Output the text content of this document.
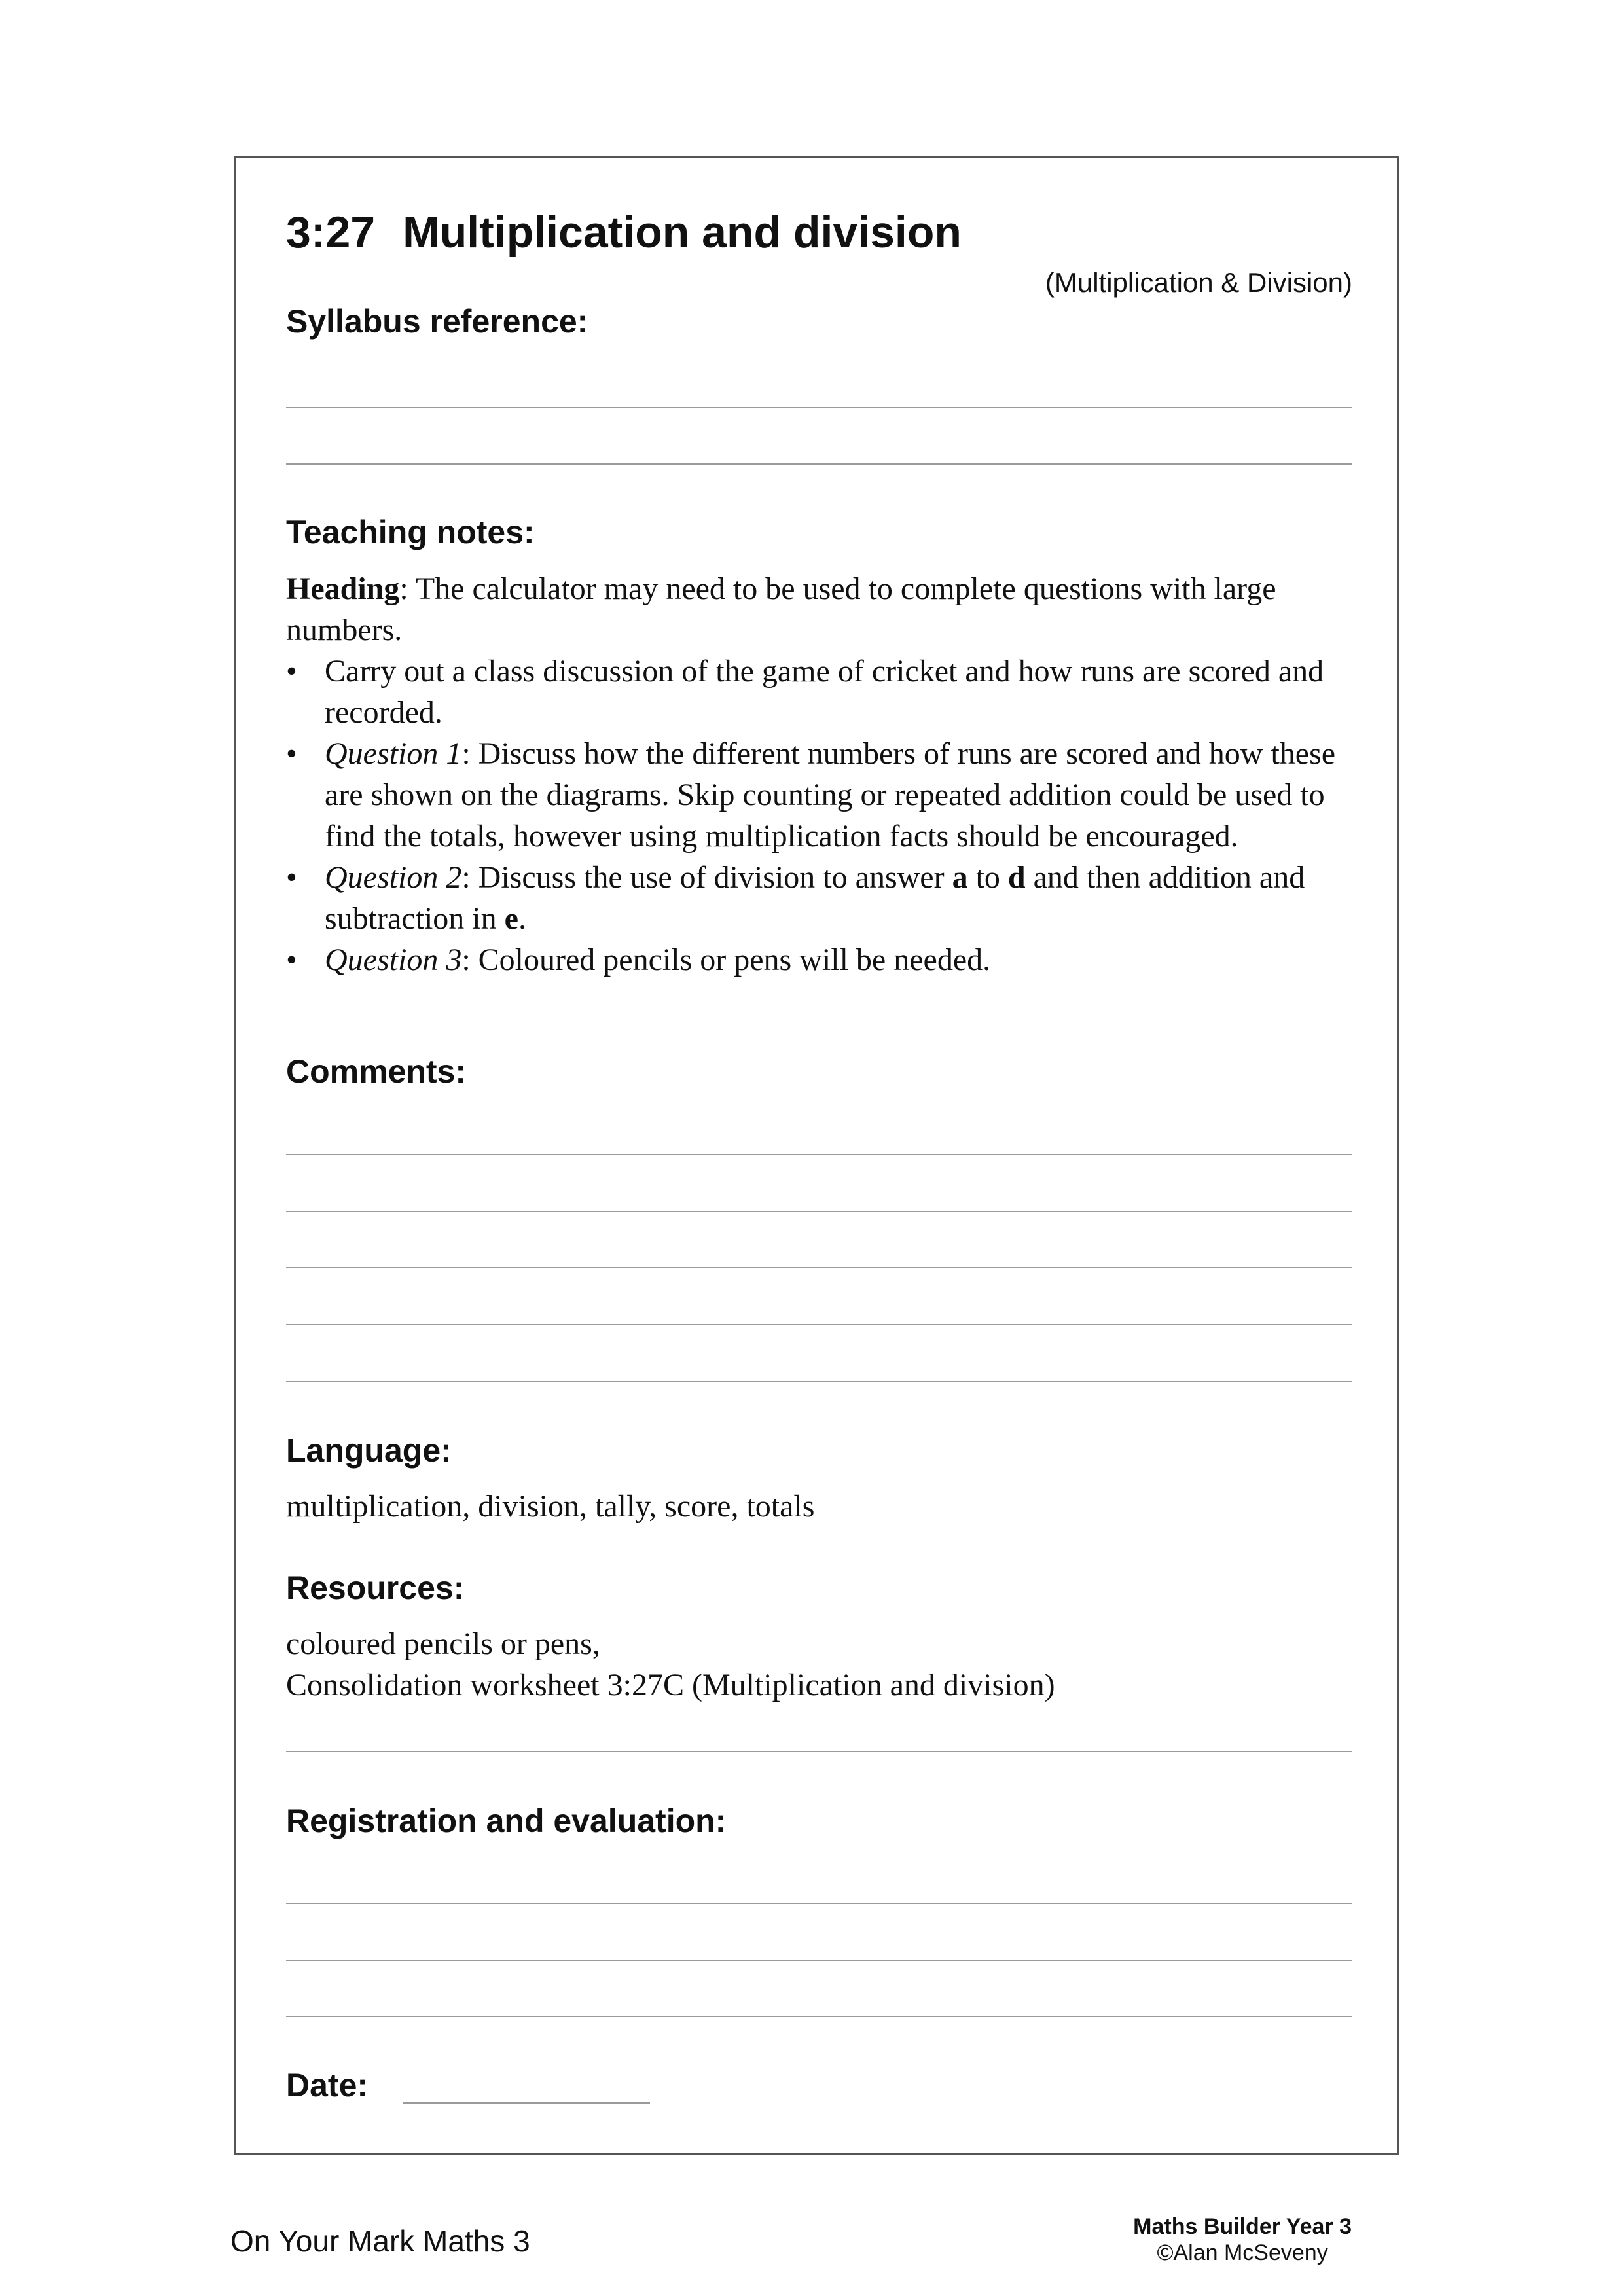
3:27 Multiplication and division
(Multiplication & Division)
Syllabus reference:
Teaching notes:

Heading: The calculator may need to be used to complete questions with large numbers.

• Carry out a class discussion of the game of cricket and how runs are scored and recorded.
• Question 1: Discuss how the different numbers of runs are scored and how these are shown on the diagrams. Skip counting or repeated addition could be used to find the totals, however using multiplication facts should be encouraged.
• Question 2: Discuss the use of division to answer a to d and then addition and subtraction in e.
• Question 3: Coloured pencils or pens will be needed.
Comments:
Language:
multiplication, division, tally, score, totals
Resources:
coloured pencils or pens,
Consolidation worksheet 3:27C (Multiplication and division)
Registration and evaluation:
Date:
On Your Mark Maths 3	Maths Builder Year 3
©Alan McSeveny
